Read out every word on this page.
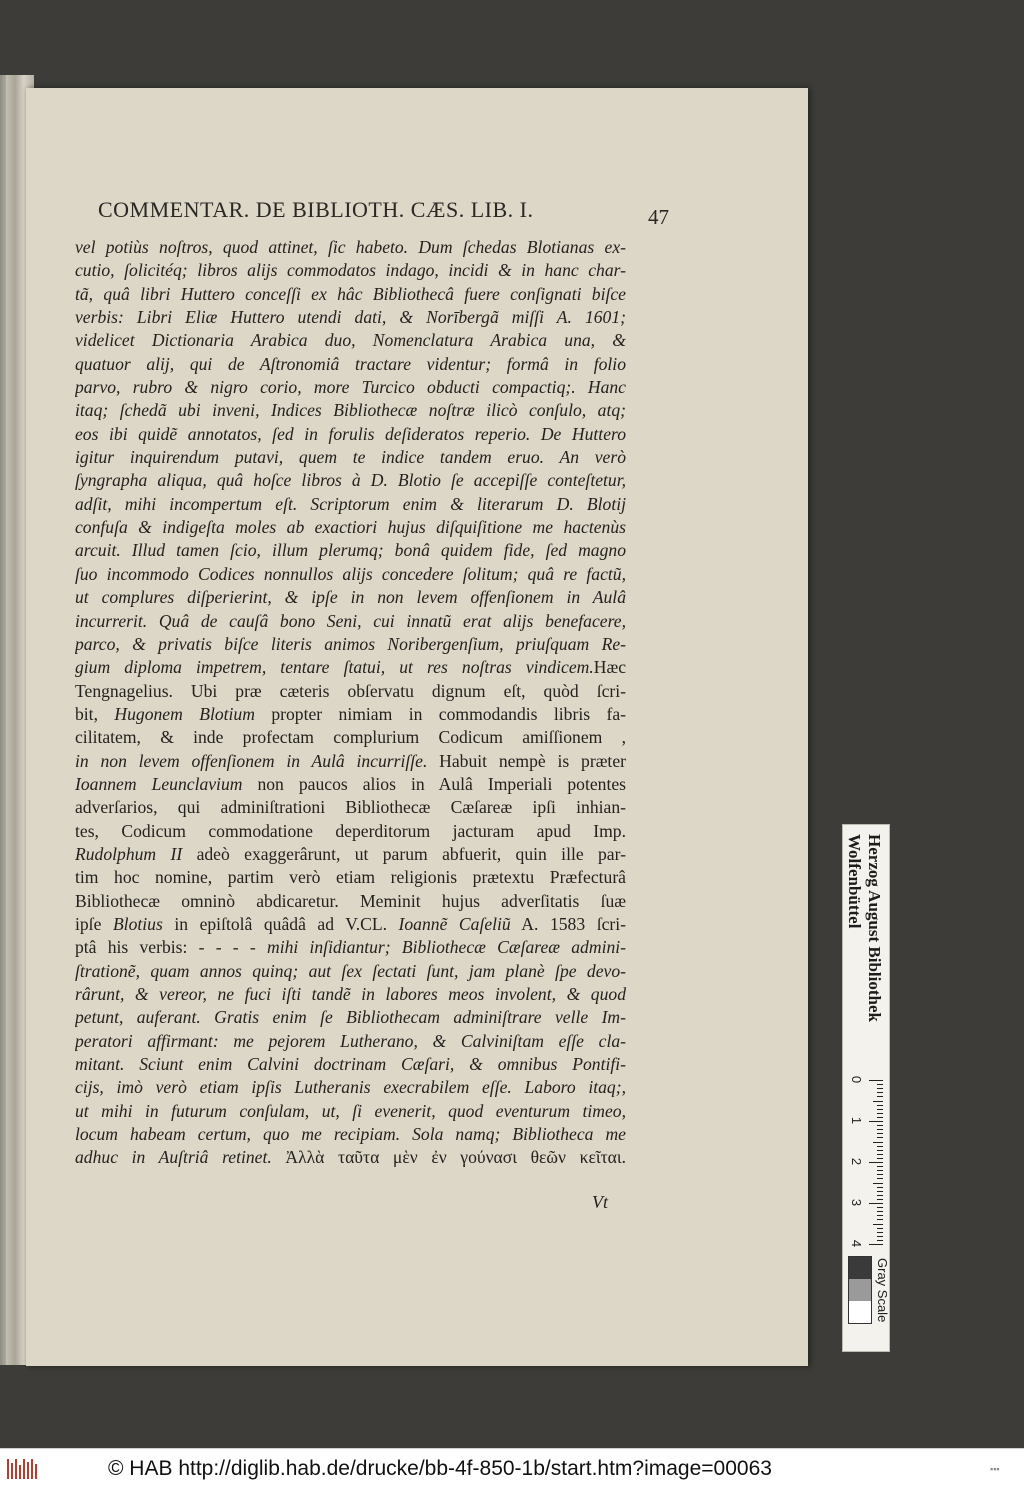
COMMENTAR. DE BIBLIOTH. CÆS. LIB. I.	47
vel potiùs noſtros, quod attinet, ſic habeto. Dum ſchedas Blotianas ex-
cutio, ſolicitéq; libros alijs commodatos indago, incidi & in hanc char-
tã, quâ libri Huttero conceſſi ex hâc Bibliothecâ fuere conſignati biſce
verbis: Libri Eliæ Huttero utendi dati, & Norībergã miſſi A. 1601;
videlicet Dictionaria Arabica duo, Nomenclatura Arabica una, &
quatuor alij, qui de Aſtronomiâ tractare videntur; formâ in folio
parvo, rubro & nigro corio, more Turcico obducti compactiq;. Hanc
itaq; ſchedã ubi inveni, Indices Bibliothecæ noſtræ ilicò conſulo, atq;
eos ibi quidẽ annotatos, ſed in forulis deſideratos reperio. De Huttero
igitur inquirendum putavi, quem te indice tandem eruo. An verò
ſyngrapha aliqua, quâ hoſce libros à D. Blotio ſe accepiſſe conteſtetur,
adſit, mihi incompertum eſt. Scriptorum enim & literarum D. Blotij
confuſa & indigeſta moles ab exactiori hujus diſquiſitione me hactenùs
arcuit. Illud tamen ſcio, illum plerumq; bonâ quidem fide, ſed magno
ſuo incommodo Codices nonnullos alijs concedere ſolitum; quâ re factũ,
ut complures diſperierint, & ipſe in non levem offenſionem in Aulâ
incurrerit. Quâ de cauſâ bono Seni, cui innatũ erat alijs benefacere,
parco, & privatis biſce literis animos Noribergenſium, priuſquam Re-
gium diploma impetrem, tentare ſtatui, ut res noſtras vindicem.Hæc
Tengnagelius. Ubi præ cæteris obſervatu dignum eſt, quòd ſcri-
bit, Hugonem Blotium propter nimiam in commodandis libris fa-
cilitatem, & inde profectam complurium Codicum amiſſionem ,
in non levem offenſionem in Aulâ incurriſſe. Habuit nempè is præter
Ioannem Leunclavium non paucos alios in Aulâ Imperiali potentes
adverſarios, qui adminiſtrationi Bibliothecæ Cæſareæ ipſi inhian-
tes, Codicum commodatione deperditorum jacturam apud Imp.
Rudolphum II adeò exaggerârunt, ut parum abfuerit, quin ille par-
tim hoc nomine, partim verò etiam religionis prætextu Præfecturâ
Bibliothecæ omninò abdicaretur. Meminit hujus adverſitatis ſuæ
ipſe Blotius in epiſtolâ quâdâ ad V.CL. Ioannẽ Caſeliũ A. 1583 ſcri-
ptâ his verbis: - - - - mihi inſidiantur; Bibliothecæ Cæſareæ admini-
ſtrationẽ, quam annos quinq; aut ſex ſectati ſunt, jam planè ſpe devo-
rârunt, & vereor, ne fuci iſti tandẽ in labores meos involent, & quod
petunt, auferant. Gratis enim ſe Bibliothecam adminiſtrare velle Im-
peratori affirmant: me pejorem Lutherano, & Calviniſtam eſſe cla-
mitant. Sciunt enim Calvini doctrinam Cæſari, & omnibus Pontifi-
cijs, imò verò etiam ipſis Lutheranis execrabilem eſſe. Laboro itaq;,
ut mihi in futurum conſulam, ut, ſi evenerit, quod eventurum timeo,
locum habeam certum, quo me recipiam. Sola namq; Bibliotheca me
adhuc in Auſtriâ retinet. Ἀλλὰ ταῦτα μὲν ἐν γούνασι θεῶν κεῖται.
Vt
Herzog August Bibliothek
Wolfenbüttel
0
1
2
3
4
Gray Scale
© HAB http://diglib.hab.de/drucke/bb-4f-850-1b/start.htm?image=00063	▪▪▪
